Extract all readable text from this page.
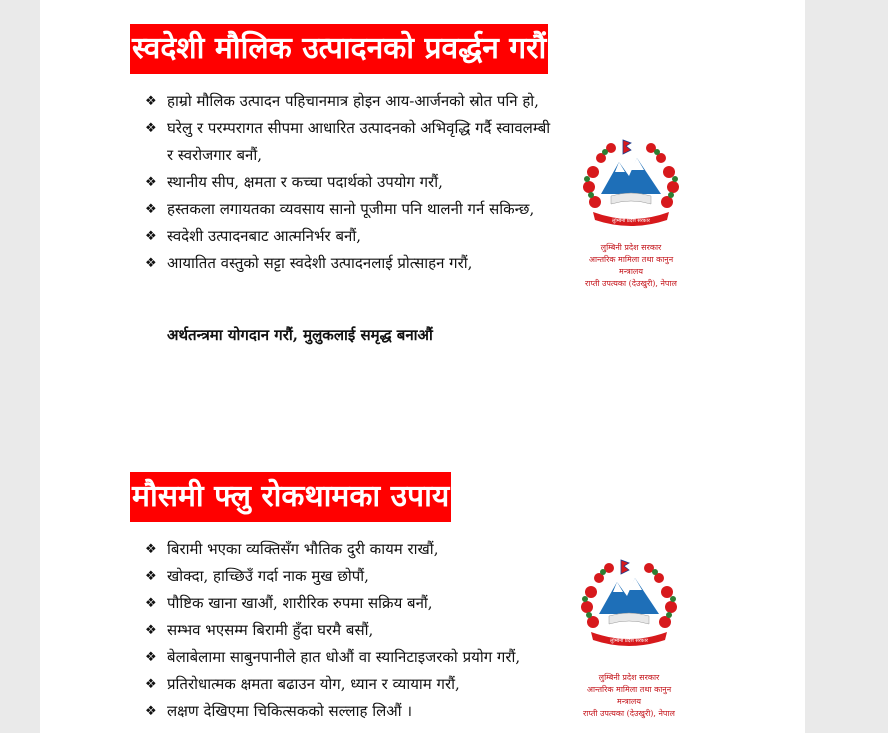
स्वदेशी मौलिक उत्पादनको प्रवर्द्धन गरौं
❖ हाम्रो मौलिक उत्पादन पहिचानमात्र होइन आय-आर्जनको स्रोत पनि हो,
❖ घरेलु र परम्परागत सीपमा आधारित उत्पादनको अभिवृद्धि गर्दै स्वावलम्बी र स्वरोजगार बनौं,
❖ स्थानीय सीप, क्षमता र कच्चा पदार्थको उपयोग गरौं,
❖ हस्तकला लगायतका व्यवसाय सानो पूजीमा पनि थालनी गर्न सकिन्छ,
❖ स्वदेशी उत्पादनबाट आत्मनिर्भर बनौं,
❖ आयातित वस्तुको सट्टा स्वदेशी उत्पादनलाई प्रोत्साहन गरौं,
अर्थतन्त्रमा योगदान गरौं, मुलुकलाई समृद्ध बनाऔं
लुम्बिनी प्रदेश सरकार
लुम्बिनी प्रदेश सरकार
आन्तरिक मामिला तथा कानुन
मन्त्रालय
राप्ती उपत्यका (देउखुरी), नेपाल
मौसमी फ्लु रोकथामका उपाय
❖ बिरामी भएका व्यक्तिसँग भौतिक दुरी कायम राखौं,
❖ खोक्दा, हाच्छिउँ गर्दा नाक मुख छोपौं,
❖ पौष्टिक खाना खाऔं, शारीरिक रुपमा सक्रिय बनौं,
❖ सम्भव भएसम्म बिरामी हुँदा घरमै बसौं,
❖ बेलाबेलामा साबुनपानीले हात धोऔं वा स्यानिटाइजरको प्रयोग गरौं,
❖ प्रतिरोधात्मक क्षमता बढाउन योग, ध्यान र व्यायाम गरौं,
❖ लक्षण देखिएमा चिकित्सकको सल्लाह लिऔं ।
लुम्बिनी प्रदेश सरकार
लुम्बिनी प्रदेश सरकार
आन्तरिक मामिला तथा कानुन
मन्त्रालय
राप्ती उपत्यका (देउखुरी), नेपाल
